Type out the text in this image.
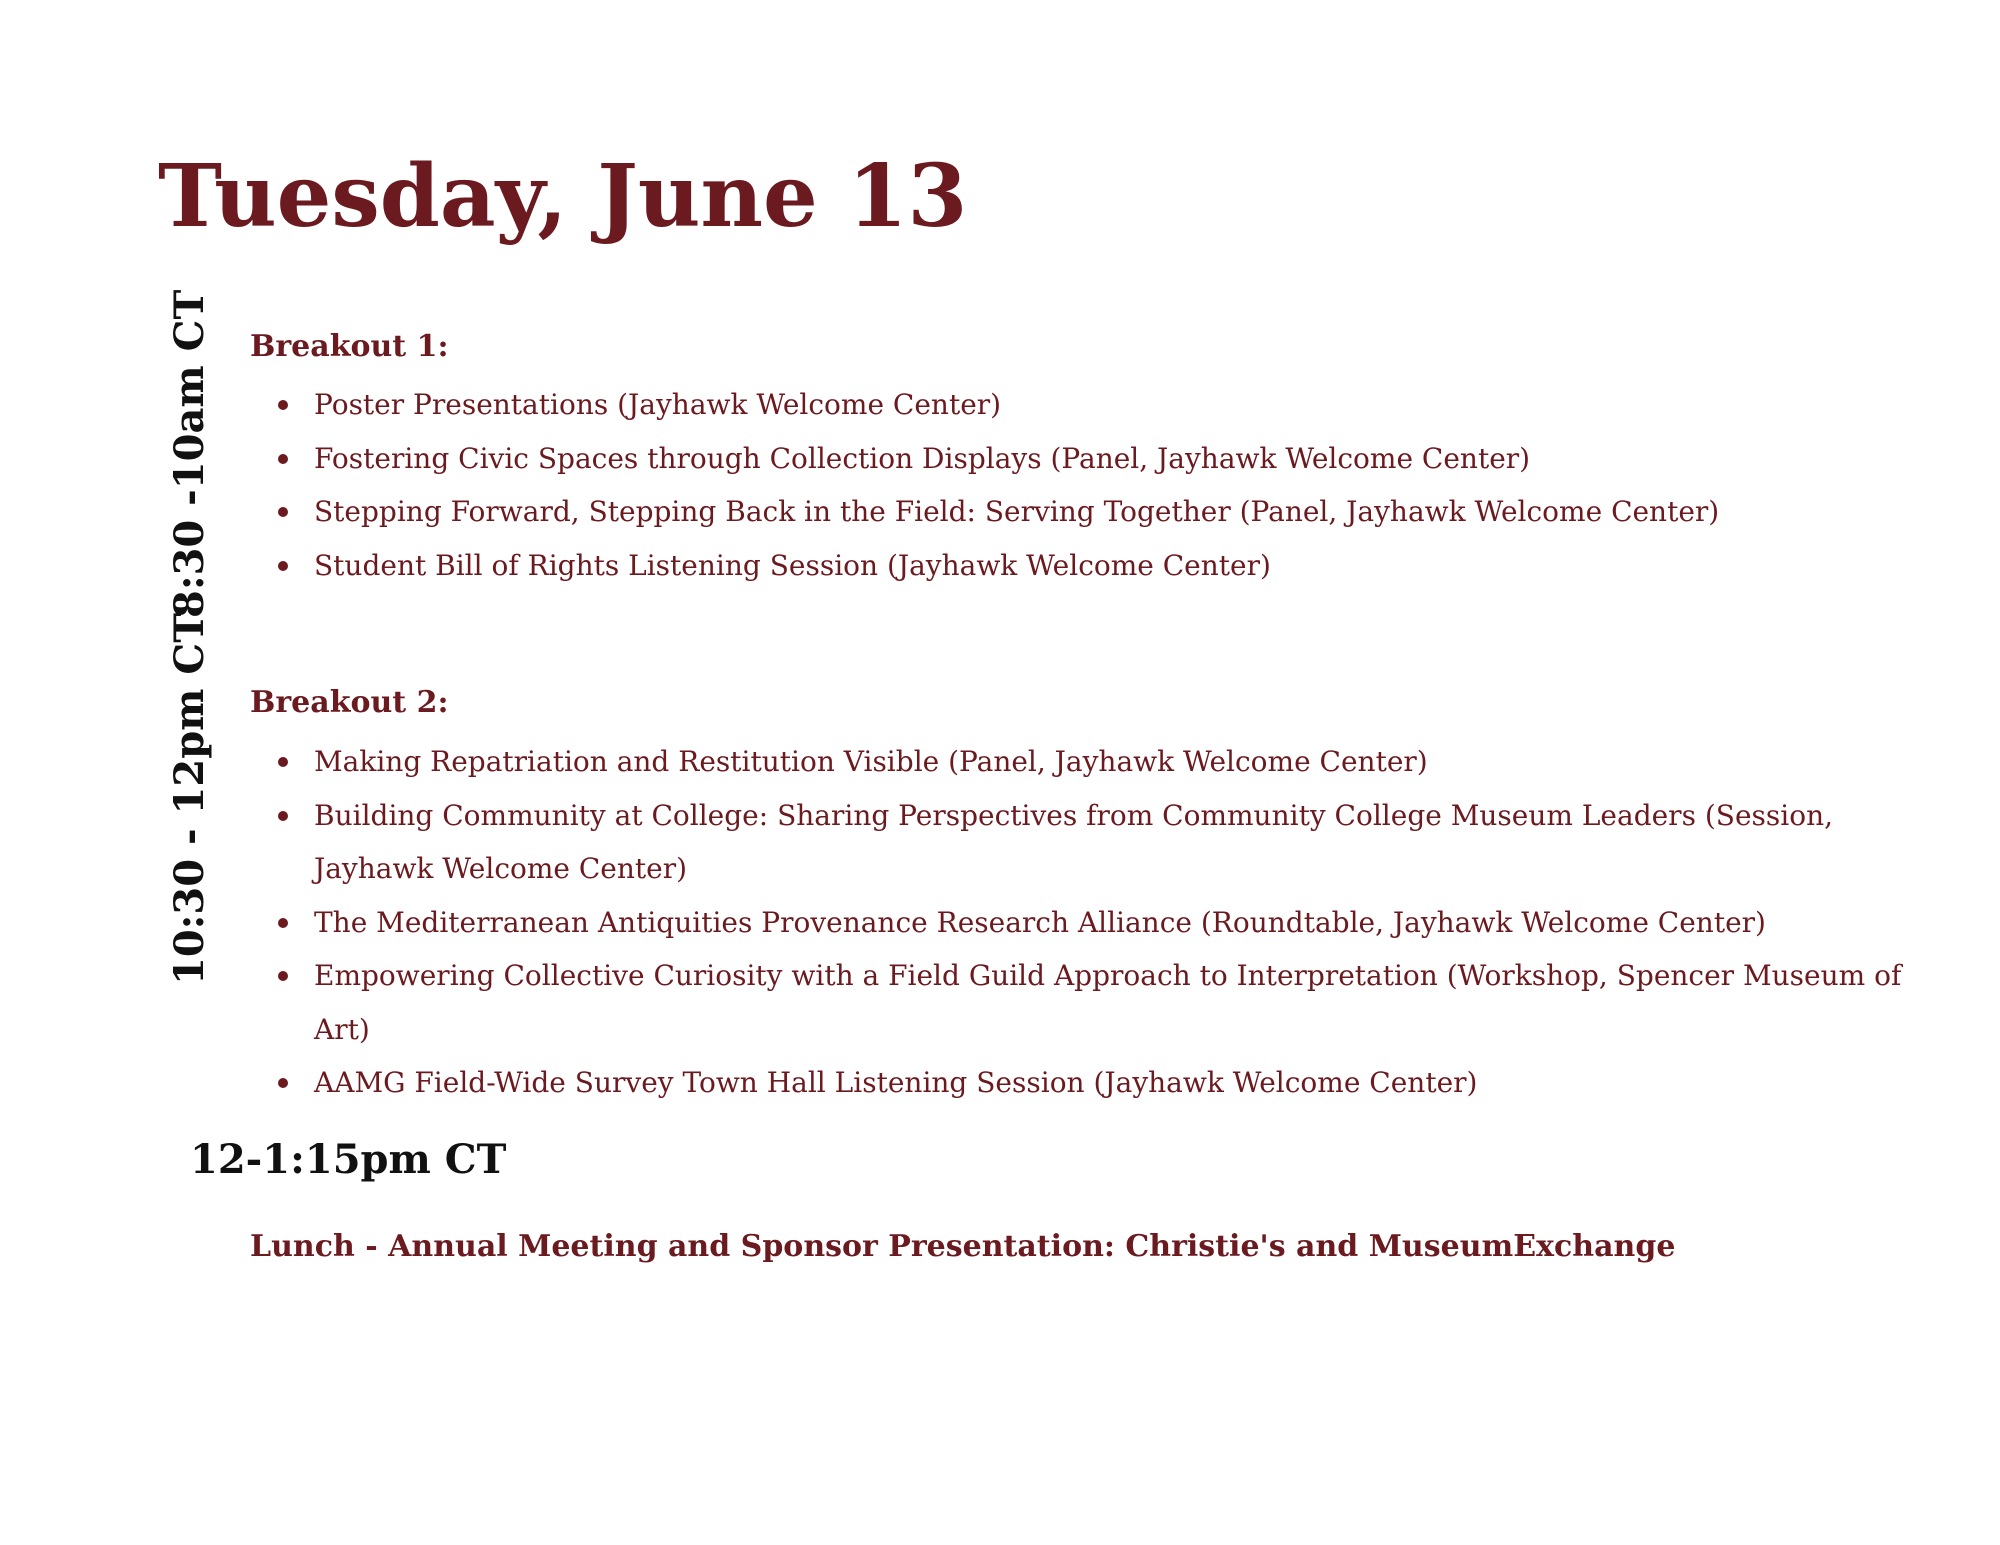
Tuesday, June 13
8:30 -10am CT Breakout 1:
Poster Presentations (Jayhawk Welcome Center)
Fostering Civic Spaces through Collection Displays (Panel, Jayhawk Welcome Center)
Stepping Forward, Stepping Back in the Field: Serving Together (Panel, Jayhawk Welcome Center)
Student Bill of Rights Listening Session (Jayhawk Welcome Center)
10:30 - 12pm CT Breakout 2:
Making Repatriation and Restitution Visible (Panel, Jayhawk Welcome Center)
Building Community at College: Sharing Perspectives from Community College Museum Leaders (Session, Jayhawk Welcome Center)
The Mediterranean Antiquities Provenance Research Alliance (Roundtable, Jayhawk Welcome Center)
Empowering Collective Curiosity with a Field Guild Approach to Interpretation (Workshop, Spencer Museum of Art)
AAMG Field-Wide Survey Town Hall Listening Session (Jayhawk Welcome Center)
12-1:15pm CT
Lunch - Annual Meeting and Sponsor Presentation: Christie's and MuseumExchange
